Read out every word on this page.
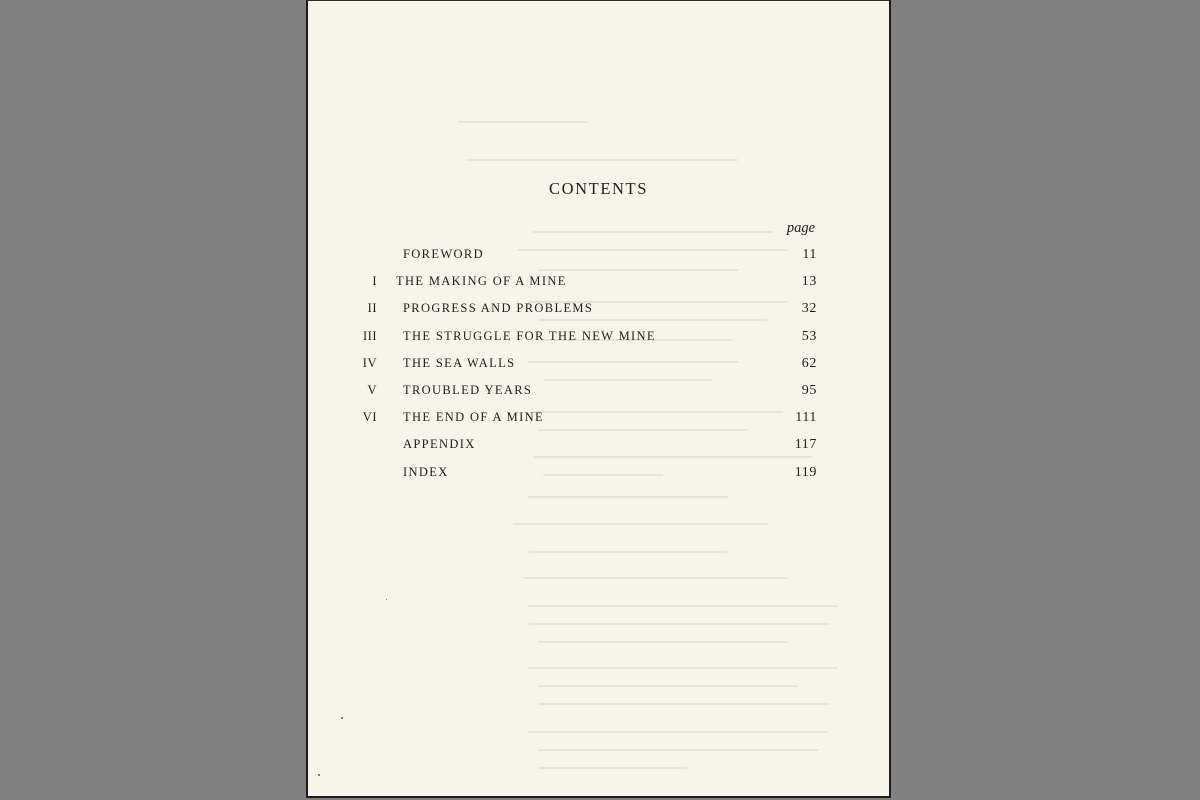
CONTENTS
page
FOREWORD	11
I THE MAKING OF A MINE	13
II PROGRESS AND PROBLEMS	32
III THE STRUGGLE FOR THE NEW MINE	53
IV THE SEA WALLS	62
V TROUBLED YEARS	95
VI THE END OF A MINE	111
APPENDIX	117
INDEX	119
